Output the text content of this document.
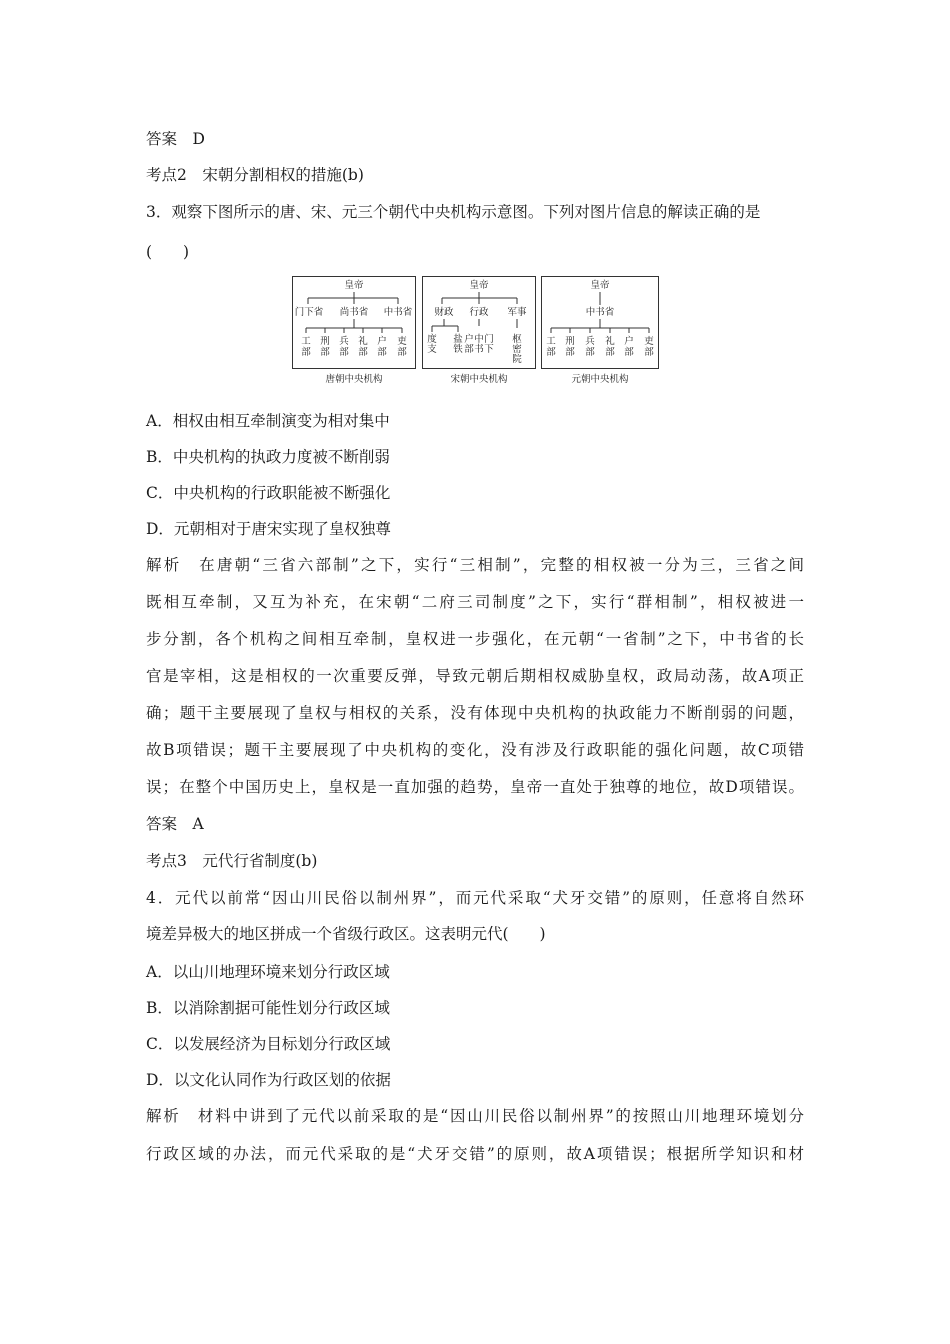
答案　D
考点2　宋朝分割相权的措施(b)
3．观察下图所示的唐、宋、元三个朝代中央机构示意图。下列对图片信息的解读正确的是
(　　)
皇帝
门下省 尚书省 中书省
工
部
刑
部
兵
部
礼
部
户
部
吏
部
唐朝中央机构
皇帝
财政 行政 军事
度
支
盐
铁
户
部
中
书
门
下
枢
密
院
宋朝中央机构
皇帝
中书省
工
部
刑
部
兵
部
礼
部
户
部
吏
部
元朝中央机构
A．相权由相互牵制演变为相对集中
B．中央机构的执政力度被不断削弱
C．中央机构的行政职能被不断强化
D．元朝相对于唐宋实现了皇权独尊
解析　在唐朝“三省六部制”之下，实行“三相制”，完整的相权被一分为三，三省之间
既相互牵制，又互为补充，在宋朝“二府三司制度”之下，实行“群相制”，相权被进一
步分割，各个机构之间相互牵制，皇权进一步强化，在元朝“一省制”之下，中书省的长
官是宰相，这是相权的一次重要反弹，导致元朝后期相权威胁皇权，政局动荡，故A项正
确；题干主要展现了皇权与相权的关系，没有体现中央机构的执政能力不断削弱的问题，
故B项错误；题干主要展现了中央机构的变化，没有涉及行政职能的强化问题，故C项错
误；在整个中国历史上，皇权是一直加强的趋势，皇帝一直处于独尊的地位，故D项错误。
答案　A
考点3　元代行省制度(b)
4．元代以前常“因山川民俗以制州界”，而元代采取“犬牙交错”的原则，任意将自然环
境差异极大的地区拼成一个省级行政区。这表明元代(　　)
A．以山川地理环境来划分行政区域
B．以消除割据可能性划分行政区域
C．以发展经济为目标划分行政区域
D．以文化认同作为行政区划的依据
解析　材料中讲到了元代以前采取的是“因山川民俗以制州界”的按照山川地理环境划分
行政区域的办法，而元代采取的是“犬牙交错”的原则，故A项错误；根据所学知识和材
